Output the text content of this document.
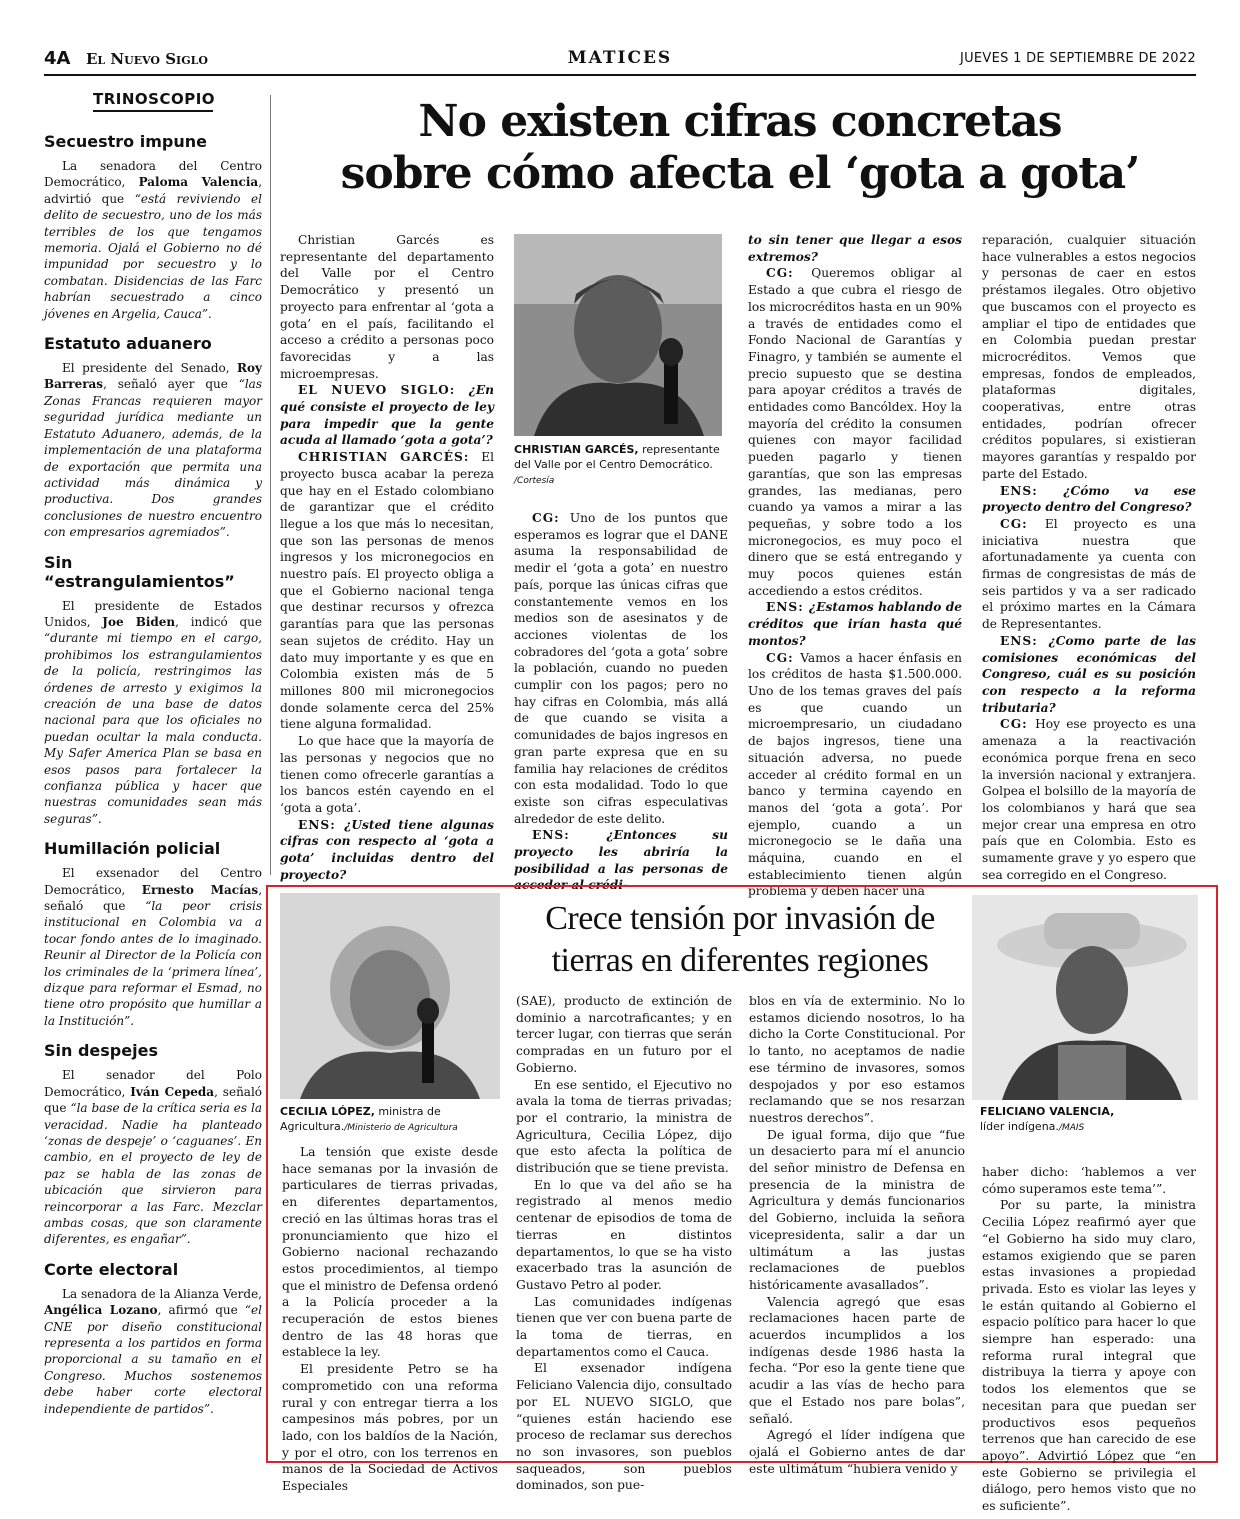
4A El Nuevo Siglo	MATICES	JUEVES 1 DE SEPTIEMBRE DE 2022
TRINOSCOPIO
Secuestro impune

La senadora del Centro Democrático, Paloma Valencia, advirtió que “está reviviendo el delito de secuestro, uno de los más terribles de los que tengamos memoria. Ojalá el Gobierno no dé impunidad por secuestro y lo combatan. Disidencias de las Farc habrían secuestrado a cinco jóvenes en Argelia, Cauca”.

Estatuto aduanero

El presidente del Senado, Roy Barreras, señaló ayer que “las Zonas Francas requieren mayor seguridad jurídica mediante un Estatuto Aduanero, además, de la implementación de una plataforma de exportación que permita una actividad más dinámica y productiva. Dos grandes conclusiones de nuestro encuentro con empresarios agremiados”.

Sin “estrangulamientos”

El presidente de Estados Unidos, Joe Biden, indicó que “durante mi tiempo en el cargo, prohibimos los estrangulamientos de la policía, restringimos las órdenes de arresto y exigimos la creación de una base de datos nacional para que los oficiales no puedan ocultar la mala conducta. My Safer America Plan se basa en esos pasos para fortalecer la confianza pública y hacer que nuestras comunidades sean más seguras”.

Humillación policial

El exsenador del Centro Democrático, Ernesto Macías, señaló que “la peor crisis institucional en Colombia va a tocar fondo antes de lo imaginado. Reunir al Director de la Policía con los criminales de la ‘primera línea’, dizque para reformar el Esmad, no tiene otro propósito que humillar a la Institución”.

Sin despejes

El senador del Polo Democrático, Iván Cepeda, señaló que “la base de la crítica seria es la veracidad. Nadie ha planteado ‘zonas de despeje’ o ‘caguanes’. En cambio, en el proyecto de ley de paz se habla de las zonas de ubicación que sirvieron para reincorporar a las Farc. Mezclar ambas cosas, que son claramente diferentes, es engañar”.

Corte electoral

La senadora de la Alianza Verde, Angélica Lozano, afirmó que “el CNE por diseño constitucional representa a los partidos en forma proporcional a su tamaño en el Congreso. Muchos sostenemos debe haber corte electoral independiente de partidos”.

No existen cifras concretas
sobre cómo afecta el ‘gota a gota’

Christian Garcés es representante del departamento del Valle por el Centro Democrático y presentó un proyecto para enfrentar al ‘gota a gota’ en el país, facilitando el acceso a crédito a personas poco favorecidas y a las microempresas.

EL NUEVO SIGLO: ¿En qué consiste el proyecto de ley para impedir que la gente acuda al llamado ‘gota a gota’?

CHRISTIAN GARCÉS: El proyecto busca acabar la pereza que hay en el Estado colombiano de garantizar que el crédito llegue a los que más lo necesitan, que son las personas de menos ingresos y los micronegocios en nuestro país. El proyecto obliga a que el Gobierno nacional tenga que destinar recursos y ofrezca garantías para que las personas sean sujetos de crédito. Hay un dato muy importante y es que en Colombia existen más de 5 millones 800 mil micronegocios donde solamente cerca del 25% tiene alguna formalidad.

Lo que hace que la mayoría de las personas y negocios que no tienen como ofrecerle garantías a los bancos estén cayendo en el ‘gota a gota’.

ENS: ¿Usted tiene algunas cifras con respecto al ‘gota a gota’ incluidas dentro del proyecto?

CG: Uno de los puntos que esperamos es lograr que el DANE asuma la responsabilidad de medir el ‘gota a gota’ en nuestro país, porque las únicas cifras que constantemente vemos en los medios son de asesinatos y de acciones violentas de los cobradores del ‘gota a gota’ sobre la población, cuando no pueden cumplir con los pagos; pero no hay cifras en Colombia, más allá de que cuando se visita a comunidades de bajos ingresos en gran parte expresa que en su familia hay relaciones de créditos con esta modalidad. Todo lo que existe son cifras especulativas alrededor de este delito.

ENS: ¿Entonces su proyecto les abriría la posibilidad a las personas de acceder al crédi-

to sin tener que llegar a esos extremos?

CG: Queremos obligar al Estado a que cubra el riesgo de los microcréditos hasta en un 90% a través de entidades como el Fondo Nacional de Garantías y Finagro, y también se aumente el precio supuesto que se destina para apoyar créditos a través de entidades como Bancóldex. Hoy la mayoría del crédito la consumen quienes con mayor facilidad pueden pagarlo y tienen garantías, que son las empresas grandes, las medianas, pero cuando ya vamos a mirar a las pequeñas, y sobre todo a los micronegocios, es muy poco el dinero que se está entregando y muy pocos quienes están accediendo a estos créditos.

ENS: ¿Estamos hablando de créditos que irían hasta qué montos?

CG: Vamos a hacer énfasis en los créditos de hasta $1.500.000. Uno de los temas graves del país es que cuando un microempresario, un ciudadano de bajos ingresos, tiene una situación adversa, no puede acceder al crédito formal en un banco y termina cayendo en manos del ‘gota a gota’. Por ejemplo, cuando a un micronegocio se le daña una máquina, cuando en el establecimiento tienen algún problema y deben hacer una

reparación, cualquier situación hace vulnerables a estos negocios y personas de caer en estos préstamos ilegales. Otro objetivo que buscamos con el proyecto es ampliar el tipo de entidades que en Colombia puedan prestar microcréditos. Vemos que empresas, fondos de empleados, plataformas digitales, cooperativas, entre otras entidades, podrían ofrecer créditos populares, si existieran mayores garantías y respaldo por parte del Estado.

ENS: ¿Cómo va ese proyecto dentro del Congreso?

CG: El proyecto es una iniciativa nuestra que afortunadamente ya cuenta con firmas de congresistas de más de seis partidos y va a ser radicado el próximo martes en la Cámara de Representantes.

ENS: ¿Como parte de las comisiones económicas del Congreso, cuál es su posición con respecto a la reforma tributaria?

CG: Hoy ese proyecto es una amenaza a la reactivación económica porque frena en seco la inversión nacional y extranjera. Golpea el bolsillo de la mayoría de los colombianos y hará que sea mejor crear una empresa en otro país que en Colombia. Esto es sumamente grave y yo espero que sea corregido en el Congreso.

CHRISTIAN GARCÉS, representante del Valle por el Centro Democrático.
/Cortesía
Crece tensión por invasión de
tierras en diferentes regiones
CECILIA LÓPEZ, ministra de Agricultura./Ministerio de Agricultura
FELICIANO VALENCIA,
líder indígena./MAIS

La tensión que existe desde hace semanas por la invasión de particulares de tierras privadas, en diferentes departamentos, creció en las últimas horas tras el pronunciamiento que hizo el Gobierno nacional rechazando estos procedimientos, al tiempo que el ministro de Defensa ordenó a la Policía proceder a la recuperación de estos bienes dentro de las 48 horas que establece la ley.

El presidente Petro se ha comprometido con una reforma rural y con entregar tierra a los campesinos más pobres, por un lado, con los baldíos de la Nación, y por el otro, con los terrenos en manos de la Sociedad de Activos Especiales

(SAE), producto de extinción de dominio a narcotraficantes; y en tercer lugar, con tierras que serán compradas en un futuro por el Gobierno.

En ese sentido, el Ejecutivo no avala la toma de tierras privadas; por el contrario, la ministra de Agricultura, Cecilia López, dijo que esto afecta la política de distribución que se tiene prevista.

En lo que va del año se ha registrado al menos medio centenar de episodios de toma de tierras en distintos departamentos, lo que se ha visto exacerbado tras la asunción de Gustavo Petro al poder.

Las comunidades indígenas tienen que ver con buena parte de la toma de tierras, en departamentos como el Cauca.

El exsenador indígena Feliciano Valencia dijo, consultado por EL NUEVO SIGLO, que “quienes están haciendo ese proceso de reclamar sus derechos no son invasores, son pueblos saqueados, son pueblos dominados, son pue-

blos en vía de exterminio. No lo estamos diciendo nosotros, lo ha dicho la Corte Constitucional. Por lo tanto, no aceptamos de nadie ese término de invasores, somos despojados y por eso estamos reclamando que se nos resarzan nuestros derechos”.

De igual forma, dijo que “fue un desacierto para mí el anuncio del señor ministro de Defensa en presencia de la ministra de Agricultura y demás funcionarios del Gobierno, incluida la señora vicepresidenta, salir a dar un ultimátum a las justas reclamaciones de pueblos históricamente avasallados”.

Valencia agregó que esas reclamaciones hacen parte de acuerdos incumplidos a los indígenas desde 1986 hasta la fecha. “Por eso la gente tiene que acudir a las vías de hecho para que el Estado nos pare bolas”, señaló.

Agregó el líder indígena que ojalá el Gobierno antes de dar este ultimátum “hubiera venido y

haber dicho: ‘hablemos a ver cómo superamos este tema’”.

Por su parte, la ministra Cecilia López reafirmó ayer que “el Gobierno ha sido muy claro, estamos exigiendo que se paren estas invasiones a propiedad privada. Esto es violar las leyes y le están quitando al Gobierno el espacio político para hacer lo que siempre han esperado: una reforma rural integral que distribuya la tierra y apoye con todos los elementos que se necesitan para que puedan ser productivos esos pequeños terrenos que han carecido de ese apoyo”. Advirtió López que “en este Gobierno se privilegia el diálogo, pero hemos visto que no es suficiente”.
